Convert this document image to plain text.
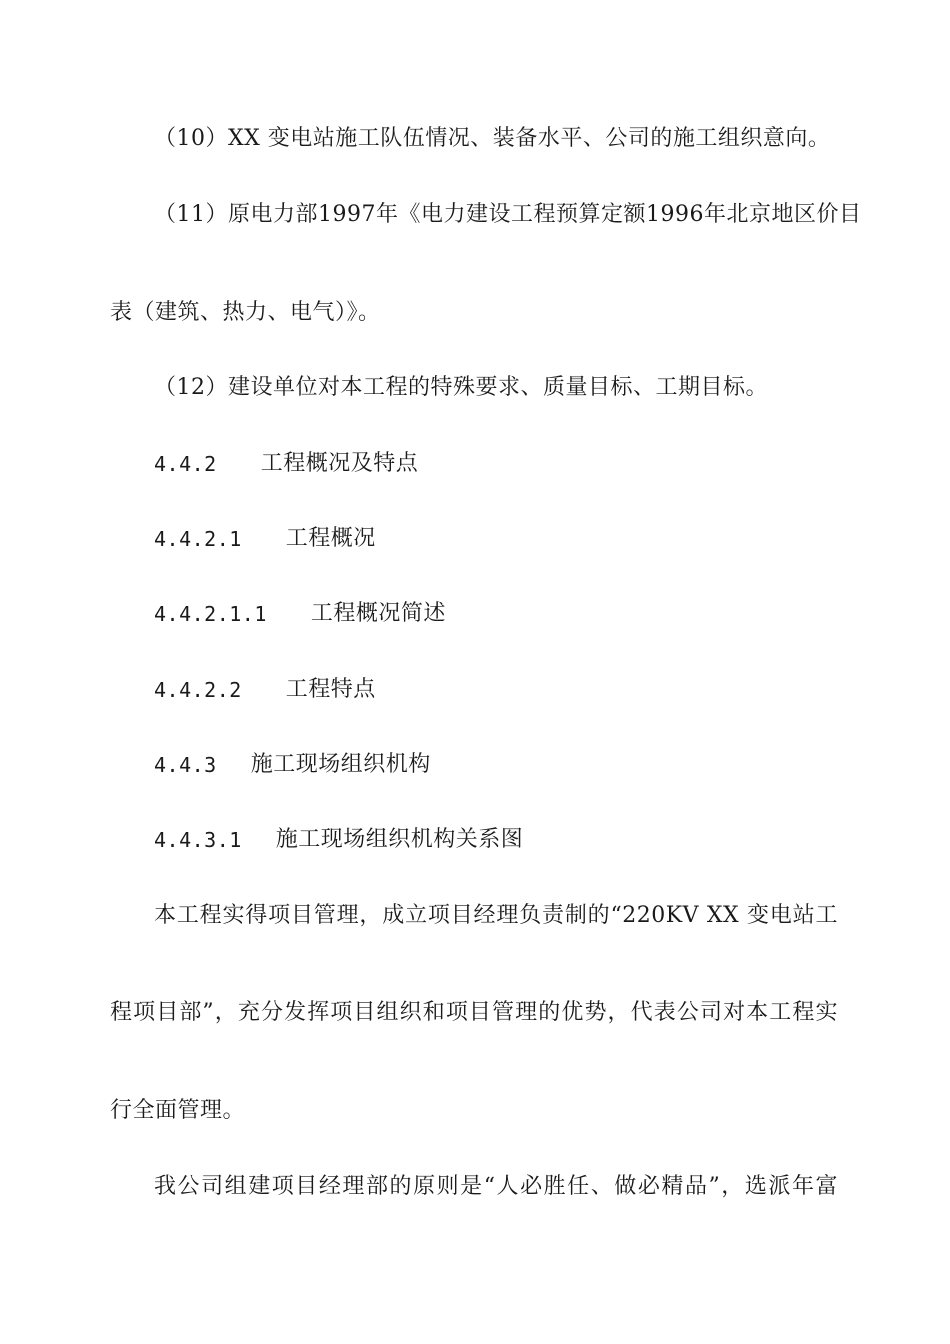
（10）XX 变电站施工队伍情况、装备水平、公司的施工组织意向。
（11）原电力部1997年《电力建设工程预算定额1996年北京地区价目
表（建筑、热力、电气）》。
（12）建设单位对本工程的特殊要求、质量目标、工期目标。
4.4.2 工程概况及特点
4.4.2.1 工程概况
4.4.2.1.1 工程概况简述
4.4.2.2 工程特点
4.4.3 施工现场组织机构
4.4.3.1 施工现场组织机构关系图
本工程实得项目管理，成立项目经理负责制的“220KV XX 变电站工
程项目部”，充分发挥项目组织和项目管理的优势，代表公司对本工程实
行全面管理。
我公司组建项目经理部的原则是“人必胜任、做必精品”，选派年富
